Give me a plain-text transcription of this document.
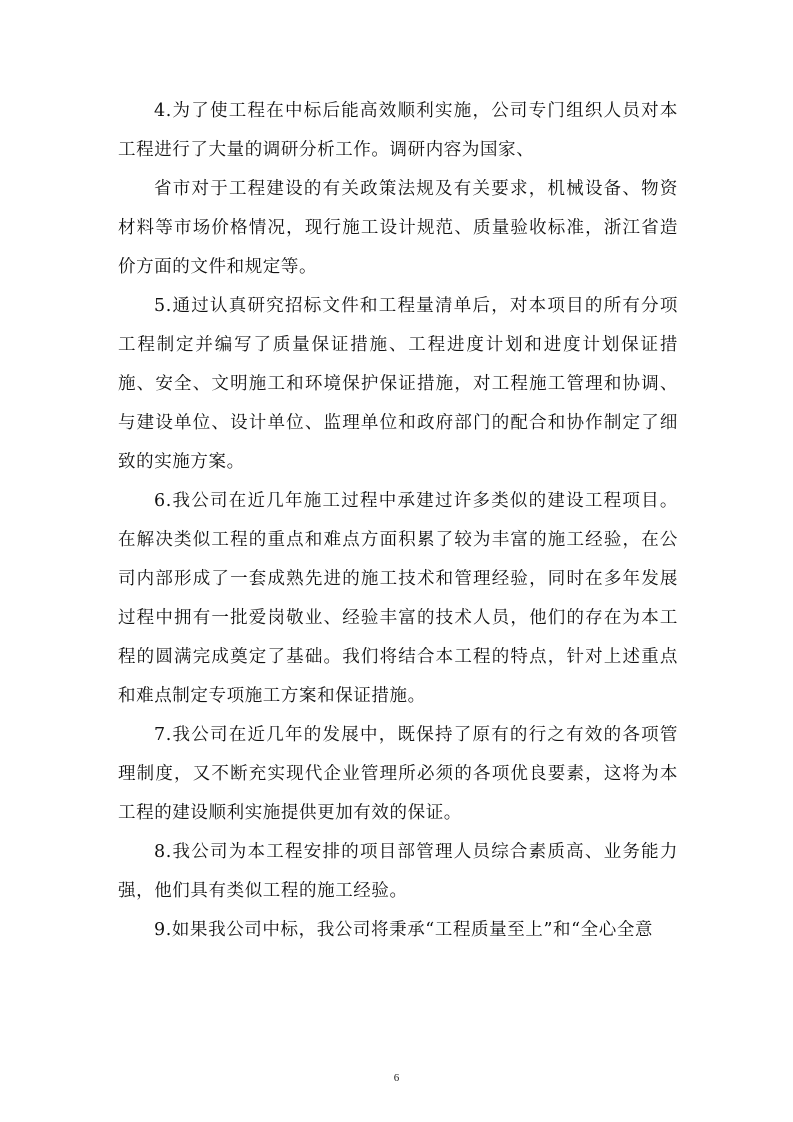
4.为了使工程在中标后能高效顺利实施，公司专门组织人员对本工程进行了大量的调研分析工作。调研内容为国家、

省市对于工程建设的有关政策法规及有关要求，机械设备、物资材料等市场价格情况，现行施工设计规范、质量验收标准，浙江省造价方面的文件和规定等。

5.通过认真研究招标文件和工程量清单后，对本项目的所有分项工程制定并编写了质量保证措施、工程进度计划和进度计划保证措施、安全、文明施工和环境保护保证措施，对工程施工管理和协调、与建设单位、设计单位、监理单位和政府部门的配合和协作制定了细致的实施方案。

6.我公司在近几年施工过程中承建过许多类似的建设工程项目。在解决类似工程的重点和难点方面积累了较为丰富的施工经验，在公司内部形成了一套成熟先进的施工技术和管理经验，同时在多年发展过程中拥有一批爱岗敬业、经验丰富的技术人员，他们的存在为本工程的圆满完成奠定了基础。我们将结合本工程的特点，针对上述重点和难点制定专项施工方案和保证措施。

7.我公司在近几年的发展中，既保持了原有的行之有效的各项管理制度，又不断充实现代企业管理所必须的各项优良要素，这将为本工程的建设顺利实施提供更加有效的保证。

8.我公司为本工程安排的项目部管理人员综合素质高、业务能力强，他们具有类似工程的施工经验。

9.如果我公司中标，我公司将秉承“工程质量至上”和“全心全意

6
